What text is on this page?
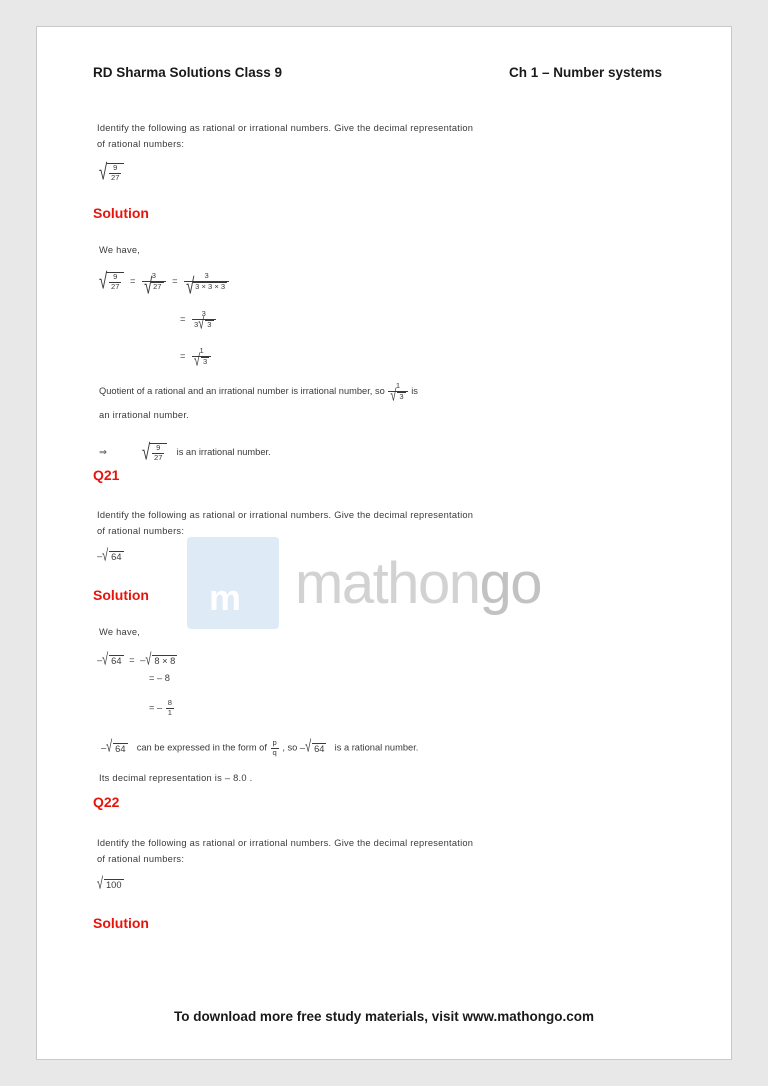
m mathongo
RD Sharma Solutions Class 9	Ch 1 – Number systems
Identify the following as rational or irrational numbers. Give the decimal representation
of rational numbers:
√ $\frac{9}{27}$
Solution
We have,
√ $\frac{9}{27} = 3$
√ 27 = 3
√ 3 × 3 × 3
= $\frac{3}{3 √ 3}$
= 1
√ 3
Quotient of a rational and an irrational number is irrational number, so 1
√ 3 is
an irrational number.
⇒	√ $\frac{9}{27}$ is an irrational number.
Q21
Identify the following as rational or irrational numbers. Give the decimal representation
of rational numbers:
– √ 64
Solution
We have,
– √ 64 = – √ 8 × 8
= – 8
= – $\frac{8}{1}$
– √ 64 can be expressed in the form of $\frac{p}{q}$ , so – √ 64 is a rational number.
Its decimal representation is – 8.0 .
Q22
Identify the following as rational or irrational numbers. Give the decimal representation
of rational numbers:
√ 100
Solution
To download more free study materials, visit www.mathongo.com
